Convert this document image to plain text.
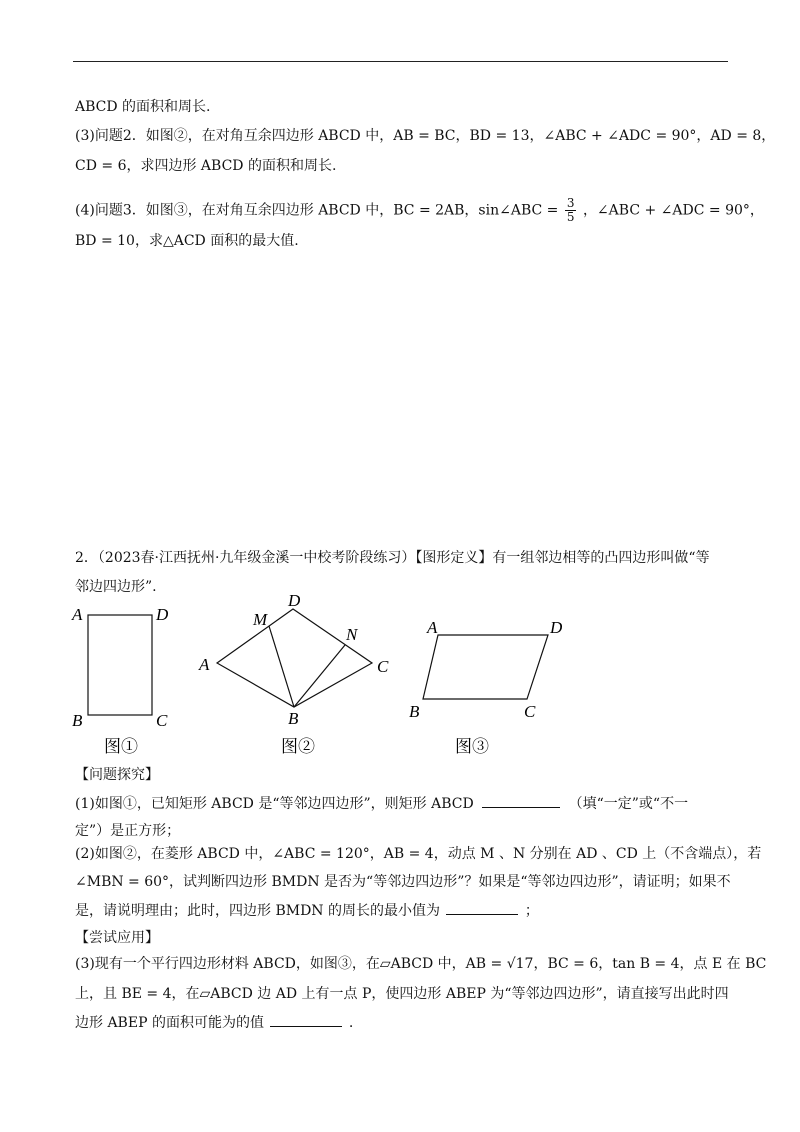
ABCD 的面积和周长.
(3)问题2．如图②，在对角互余四边形 ABCD 中，AB = BC，BD = 13，∠ABC + ∠ADC = 90°，AD = 8，
CD = 6，求四边形 ABCD 的面积和周长.
(4)问题3．如图③，在对角互余四边形 ABCD 中，BC = 2AB，sin∠ABC = $\frac{3}{5}$ ，∠ABC + ∠ADC = 90°，
BD = 10，求△ACD 面积的最大值.
2．（2023春·江西抚州·九年级金溪一中校考阶段练习）【图形定义】有一组邻边相等的凸四边形叫做“等
邻边四边形”.
A	D
B	C
图①
A
D
M
N
C
B
图②
A	D
B	C
图③
【问题探究】
(1)如图①，已知矩形 ABCD 是“等邻边四边形”，则矩形 ABCD	（填“一定”或“不一
定”）是正方形；
(2)如图②，在菱形 ABCD 中，∠ABC = 120°，AB = 4，动点 M 、N 分别在 AD 、CD 上（不含端点），若
∠MBN = 60°，试判断四边形 BMDN 是否为“等邻边四边形”？如果是“等邻边四边形”，请证明；如果不
是，请说明理由；此时，四边形 BMDN 的周长的最小值为	；
【尝试应用】
(3)现有一个平行四边形材料 ABCD，如图③，在▱ABCD 中，AB = √17，BC = 6，tan B = 4，点 E 在 BC
上，且 BE = 4，在▱ABCD 边 AD 上有一点 P，使四边形 ABEP 为“等邻边四边形”，请直接写出此时四
边形 ABEP 的面积可能为的值	.
